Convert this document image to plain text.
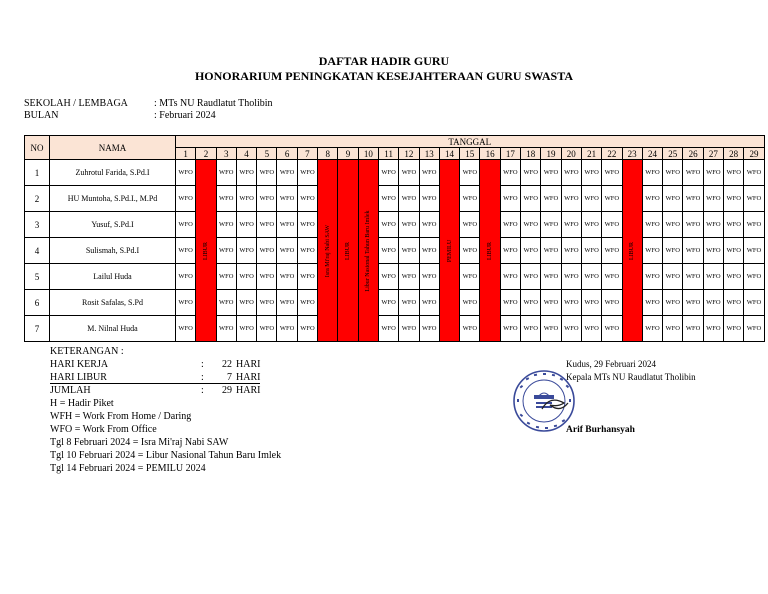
DAFTAR HADIR GURU
HONORARIUM PENINGKATAN KESEJAHTERAAN GURU SWASTA
SEKOLAH / LEMBAGA	: MTs NU Raudlatut Tholibin
BULAN	: Februari 2024
NO	NAMA	TANGGAL																												
		1	2	3	4	5	6	7	8	9	10	11	12	13	14	15	16	17	18	19	20	21	22	23	24	25	26	27	28	29
1	Zuhrotul Farida, S.Pd.I	WFO	LIBUR	WFO	WFO	WFO	WFO	WFO	Isra Mi'raj Nabi SAW	LIBUR	Libur Nasional Tahun Baru Imlek	WFO	WFO	WFO	PEMILU	WFO	LIBUR	WFO	WFO	WFO	WFO	WFO	WFO	LIBUR	WFO	WFO	WFO	WFO	WFO	WFO
2	HU Muntoha, S.Pd.I., M.Pd	WFO		WFO	WFO	WFO	WFO	WFO				WFO	WFO	WFO		WFO		WFO	WFO	WFO	WFO	WFO	WFO		WFO	WFO	WFO	WFO	WFO	WFO
3	Yusuf, S.Pd.I	WFO		WFO	WFO	WFO	WFO	WFO				WFO	WFO	WFO		WFO		WFO	WFO	WFO	WFO	WFO	WFO		WFO	WFO	WFO	WFO	WFO	WFO
4	Sulismah, S.Pd.I	WFO		WFO	WFO	WFO	WFO	WFO				WFO	WFO	WFO		WFO		WFO	WFO	WFO	WFO	WFO	WFO		WFO	WFO	WFO	WFO	WFO	WFO
5	Lailul Huda	WFO		WFO	WFO	WFO	WFO	WFO				WFO	WFO	WFO		WFO		WFO	WFO	WFO	WFO	WFO	WFO		WFO	WFO	WFO	WFO	WFO	WFO
6	Rosit Safalas, S.Pd	WFO		WFO	WFO	WFO	WFO	WFO				WFO	WFO	WFO		WFO		WFO	WFO	WFO	WFO	WFO	WFO		WFO	WFO	WFO	WFO	WFO	WFO
7	M. Nilnal Huda	WFO		WFO	WFO	WFO	WFO	WFO				WFO	WFO	WFO		WFO		WFO	WFO	WFO	WFO	WFO	WFO		WFO	WFO	WFO	WFO	WFO	WFO
KETERANGAN :
HARI KERJA	:	22 HARI
HARI LIBUR	:	7 HARI
JUMLAH	:	29 HARI
H = Hadir Piket
WFH = Work From Home / Daring
WFO = Work From Office
Tgl 8 Februari 2024 = Isra Mi'raj Nabi SAW
Tgl 10 Februari 2024 = Libur Nasional Tahun Baru Imlek
Tgl 14 Februari 2024 = PEMILU 2024
Kudus, 29 Februari 2024
Kepala MTs NU Raudlatut Tholibin
Arif Burhansyah
